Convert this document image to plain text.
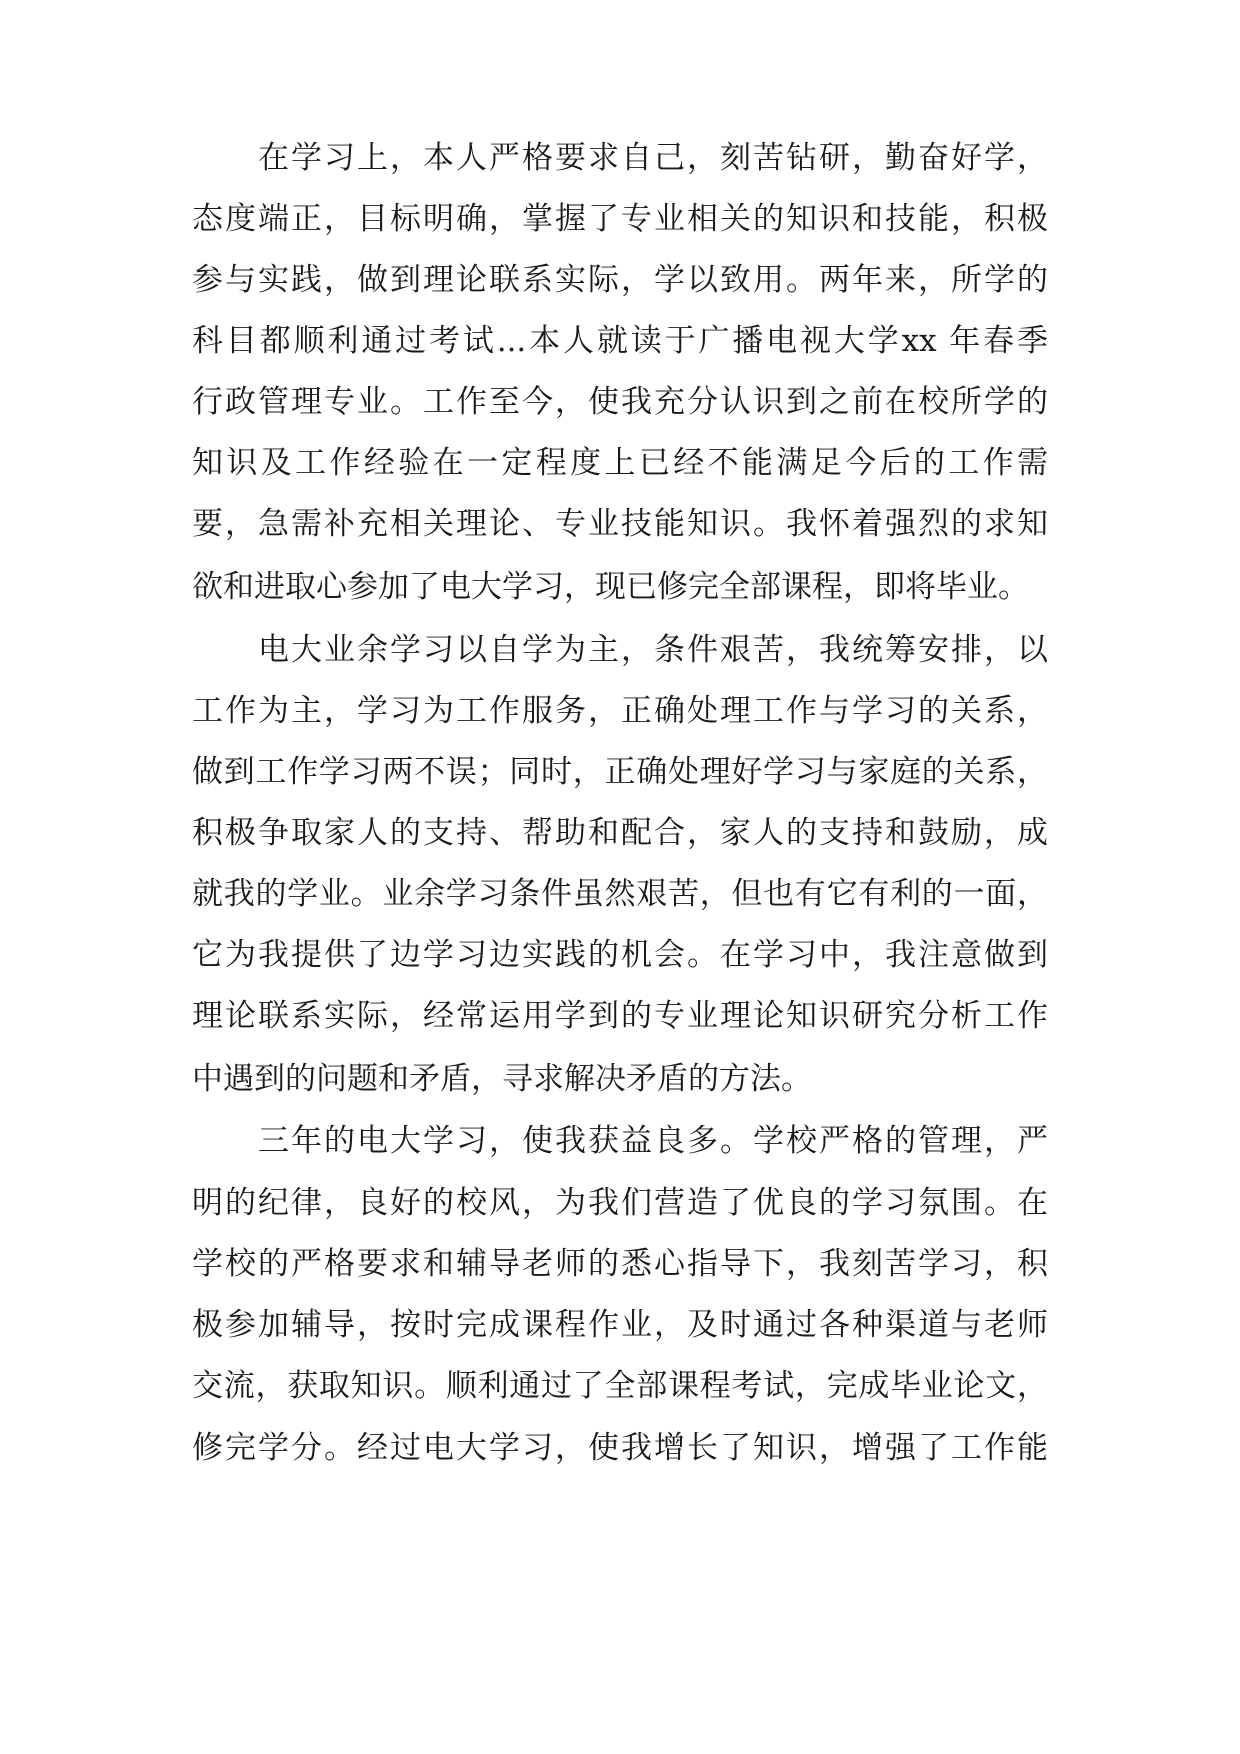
在学习上，本人严格要求自己，刻苦钻研，勤奋好学，
态度端正，目标明确，掌握了专业相关的知识和技能，积极
参与实践，做到理论联系实际，学以致用。两年来，所学的
科目都顺利通过考试...本人就读于广播电视大学xx 年春季
行政管理专业。工作至今，使我充分认识到之前在校所学的
知识及工作经验在一定程度上已经不能满足今后的工作需
要，急需补充相关理论、专业技能知识。我怀着强烈的求知
欲和进取心参加了电大学习，现已修完全部课程，即将毕业。
电大业余学习以自学为主，条件艰苦，我统筹安排，以
工作为主，学习为工作服务，正确处理工作与学习的关系，
做到工作学习两不误；同时，正确处理好学习与家庭的关系，
积极争取家人的支持、帮助和配合，家人的支持和鼓励，成
就我的学业。业余学习条件虽然艰苦，但也有它有利的一面，
它为我提供了边学习边实践的机会。在学习中，我注意做到
理论联系实际，经常运用学到的专业理论知识研究分析工作
中遇到的问题和矛盾，寻求解决矛盾的方法。
三年的电大学习，使我获益良多。学校严格的管理，严
明的纪律，良好的校风，为我们营造了优良的学习氛围。在
学校的严格要求和辅导老师的悉心指导下，我刻苦学习，积
极参加辅导，按时完成课程作业，及时通过各种渠道与老师
交流，获取知识。顺利通过了全部课程考试，完成毕业论文，
修完学分。经过电大学习，使我增长了知识，增强了工作能
